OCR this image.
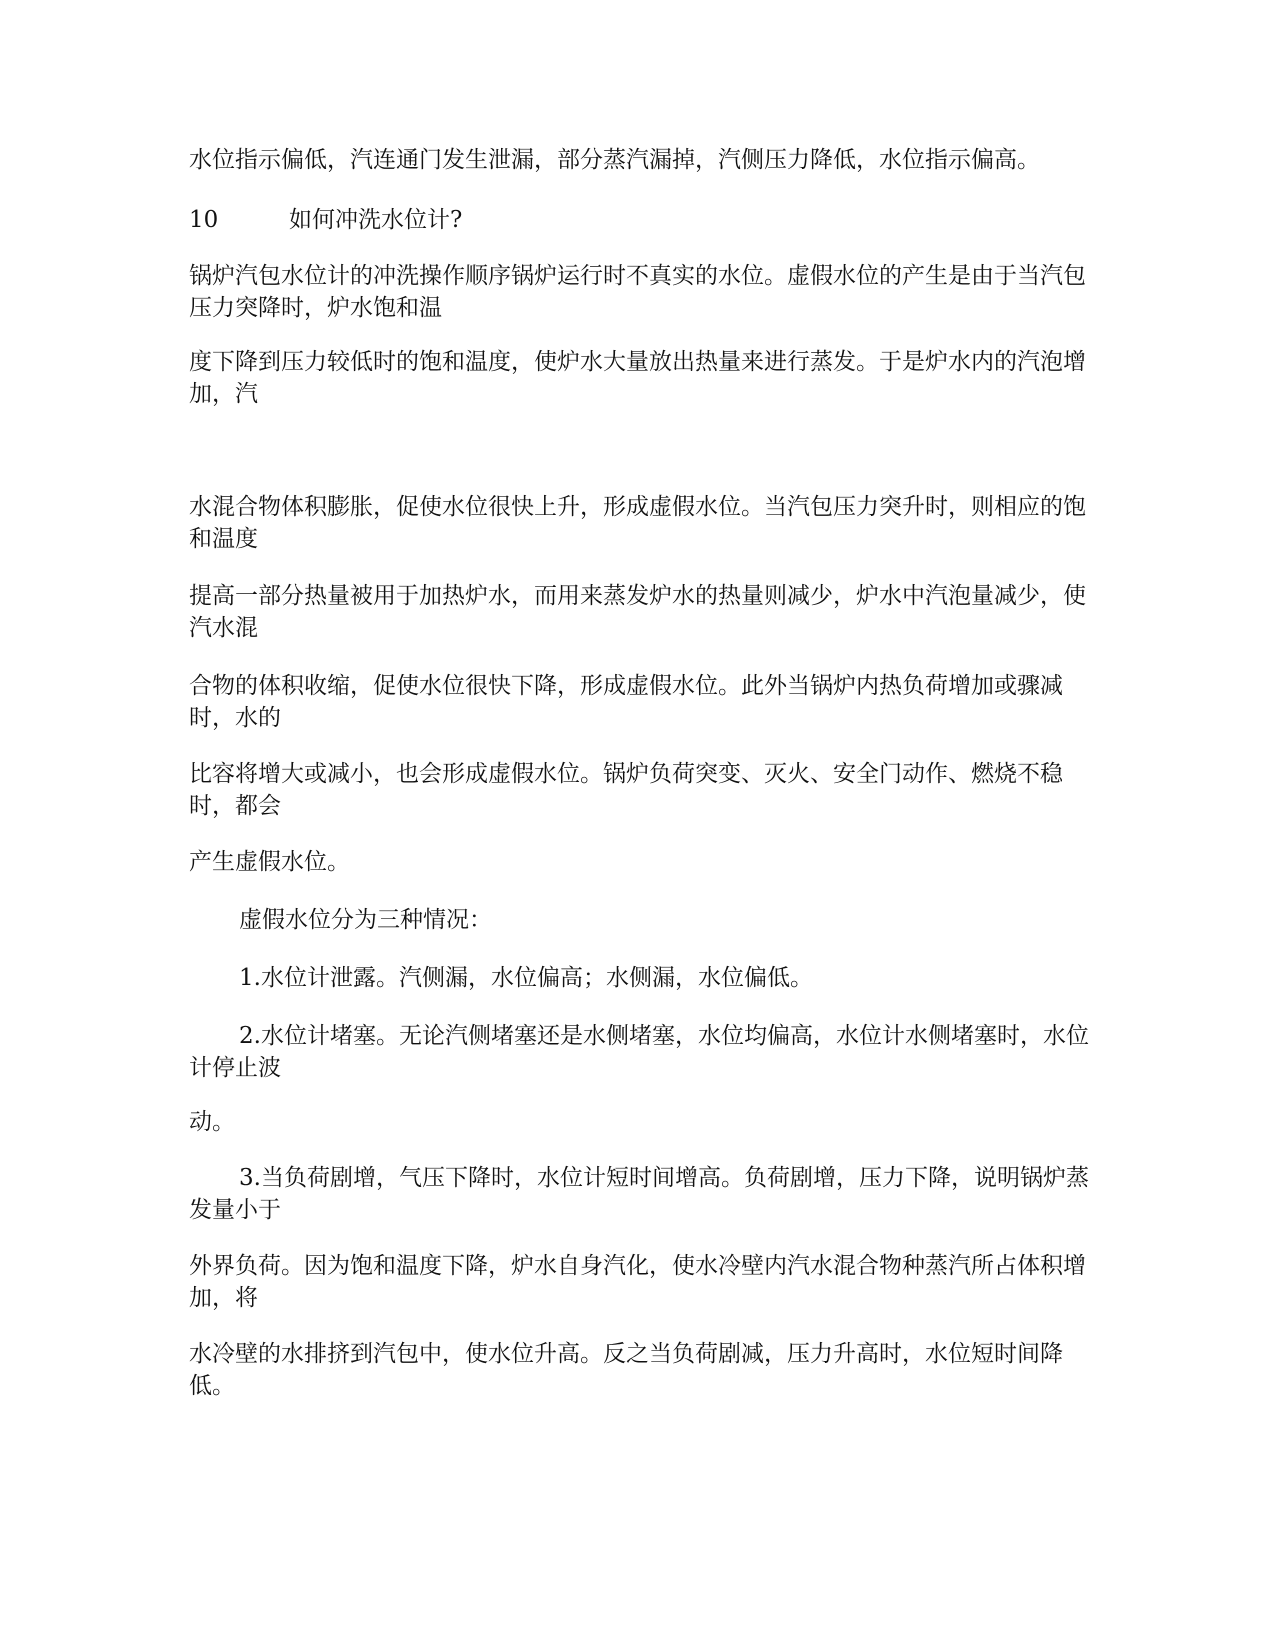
水位指示偏低，汽连通门发生泄漏，部分蒸汽漏掉，汽侧压力降低，水位指示偏高。

10	如何冲洗水位计?

锅炉汽包水位计的冲洗操作顺序锅炉运行时不真实的水位。虚假水位的产生是由于当汽包压力突降时，炉水饱和温

度下降到压力较低时的饱和温度，使炉水大量放出热量来进行蒸发。于是炉水内的汽泡增加，汽

水混合物体积膨胀，促使水位很快上升，形成虚假水位。当汽包压力突升时，则相应的饱和温度

提高一部分热量被用于加热炉水，而用来蒸发炉水的热量则减少，炉水中汽泡量减少，使汽水混

合物的体积收缩，促使水位很快下降，形成虚假水位。此外当锅炉内热负荷增加或骤减时，水的

比容将增大或减小，也会形成虚假水位。锅炉负荷突变、灭火、安全门动作、燃烧不稳时，都会

产生虚假水位。

虚假水位分为三种情况：

1.水位计泄露。汽侧漏，水位偏高；水侧漏，水位偏低。

2.水位计堵塞。无论汽侧堵塞还是水侧堵塞，水位均偏高，水位计水侧堵塞时，水位计停止波

动。

3.当负荷剧增，气压下降时，水位计短时间增高。负荷剧增，压力下降，说明锅炉蒸发量小于

外界负荷。因为饱和温度下降，炉水自身汽化，使水冷壁内汽水混合物种蒸汽所占体积增加，将

水冷壁的水排挤到汽包中，使水位升高。反之当负荷剧减，压力升高时，水位短时间降低。
